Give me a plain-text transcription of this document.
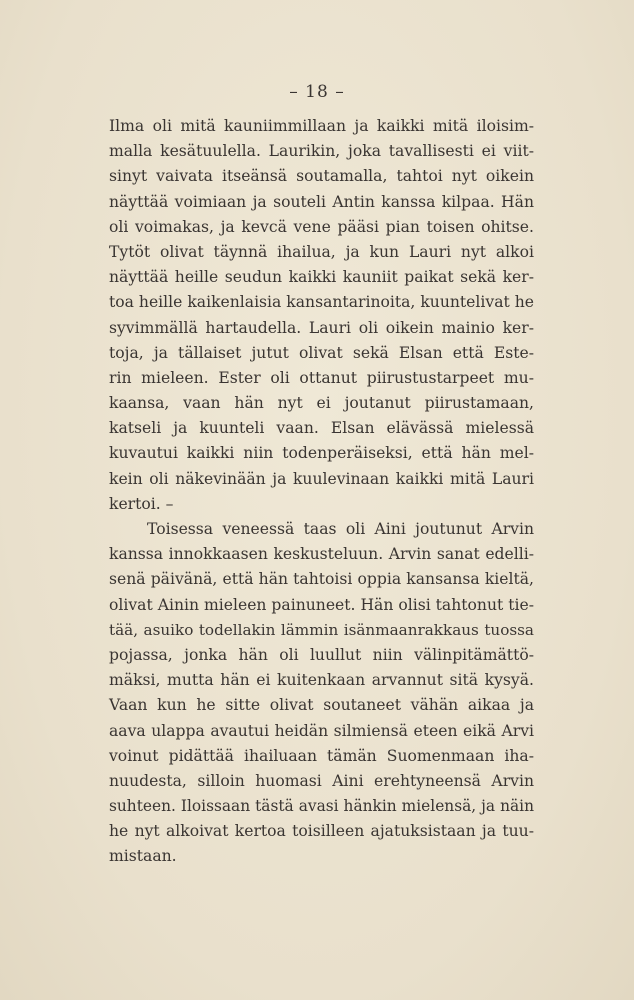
– 18 –
Ilma oli mitä kauniimmillaan ja kaikki mitä iloisim-
malla kesätuulella. Laurikin, joka tavallisesti ei viit-
sinyt vaivata itseänsä soutamalla, tahtoi nyt oikein
näyttää voimiaan ja souteli Antin kanssa kilpaa. Hän
oli voimakas, ja kevcä vene pääsi pian toisen ohitse.
Tytöt olivat täynnä ihailua, ja kun Lauri nyt alkoi
näyttää heille seudun kaikki kauniit paikat sekä ker-
toa heille kaikenlaisia kansantarinoita, kuuntelivat he
syvimmällä hartaudella. Lauri oli oikein mainio ker-
toja, ja tällaiset jutut olivat sekä Elsan että Este-
rin mieleen. Ester oli ottanut piirustustarpeet mu-
kaansa, vaan hän nyt ei joutanut piirustamaan,
katseli ja kuunteli vaan. Elsan elävässä mielessä
kuvautui kaikki niin todenperäiseksi, että hän mel-
kein oli näkevinään ja kuulevinaan kaikki mitä Lauri
kertoi. –
Toisessa veneessä taas oli Aini joutunut Arvin
kanssa innokkaasen keskusteluun. Arvin sanat edelli-
senä päivänä, että hän tahtoisi oppia kansansa kieltä,
olivat Ainin mieleen painuneet. Hän olisi tahtonut tie-
tää, asuiko todellakin lämmin isänmaanrakkaus tuossa
pojassa, jonka hän oli luullut niin välinpitämättö-
mäksi, mutta hän ei kuitenkaan arvannut sitä kysyä.
Vaan kun he sitte olivat soutaneet vähän aikaa ja
aava ulappa avautui heidän silmiensä eteen eikä Arvi
voinut pidättää ihailuaan tämän Suomenmaan iha-
nuudesta, silloin huomasi Aini erehtyneensä Arvin
suhteen. Iloissaan tästä avasi hänkin mielensä, ja näin
he nyt alkoivat kertoa toisilleen ajatuksistaan ja tuu-
mistaan.
